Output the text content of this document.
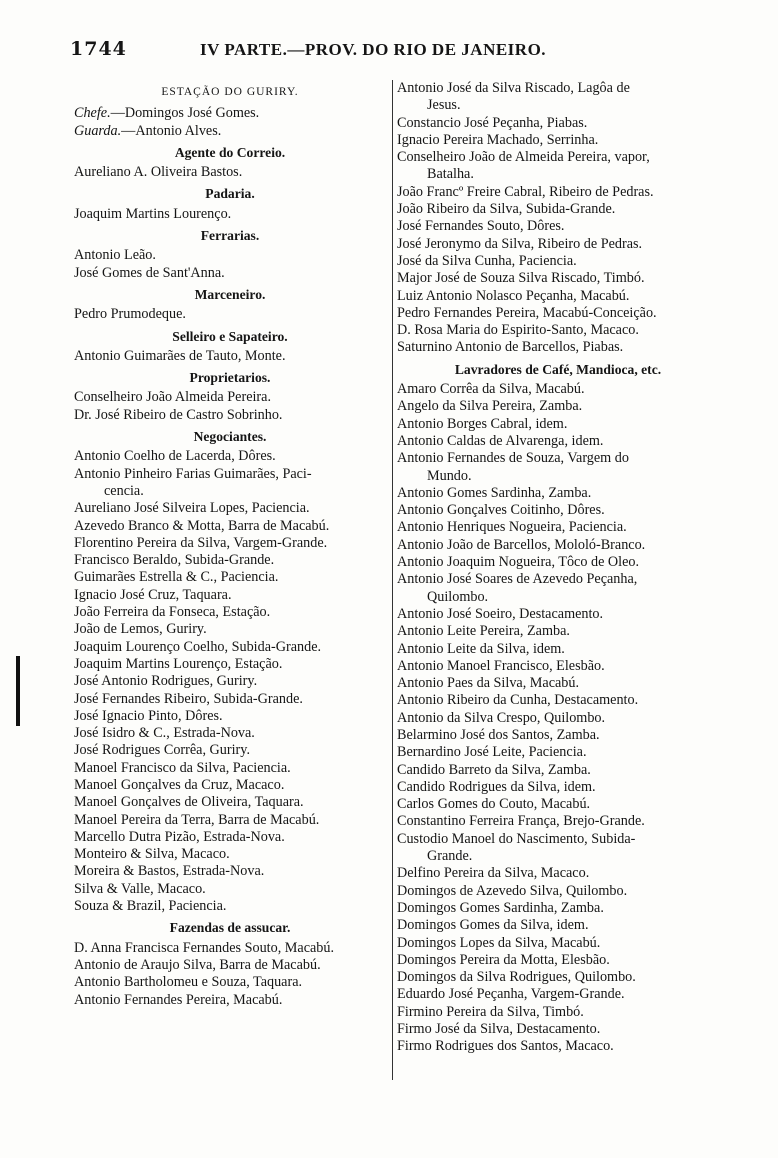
1744	IV PARTE.—PROV. DO RIO DE JANEIRO.
ESTAÇÃO DO GURIRY.
Chefe.—Domingos José Gomes.
Guarda.—Antonio Alves.
Agente do Correio.
Aureliano A. Oliveira Bastos.
Padaria.
Joaquim Martins Lourenço.
Ferrarias.
Antonio Leão.
José Gomes de Sant'Anna.
Marceneiro.
Pedro Prumodeque.
Selleiro e Sapateiro.
Antonio Guimarães de Tauto, Monte.
Proprietarios.
Conselheiro João Almeida Pereira.
Dr. José Ribeiro de Castro Sobrinho.
Negociantes.
Antonio Coelho de Lacerda, Dôres.
Antonio Pinheiro Farias Guimarães, Paci-
cencia.
Aureliano José Silveira Lopes, Paciencia.
Azevedo Branco & Motta, Barra de Macabú.
Florentino Pereira da Silva, Vargem-Grande.
Francisco Beraldo, Subida-Grande.
Guimarães Estrella & C., Paciencia.
Ignacio José Cruz, Taquara.
João Ferreira da Fonseca, Estação.
João de Lemos, Guriry.
Joaquim Lourenço Coelho, Subida-Grande.
Joaquim Martins Lourenço, Estação.
José Antonio Rodrigues, Guriry.
José Fernandes Ribeiro, Subida-Grande.
José Ignacio Pinto, Dôres.
José Isidro & C., Estrada-Nova.
José Rodrigues Corrêa, Guriry.
Manoel Francisco da Silva, Paciencia.
Manoel Gonçalves da Cruz, Macaco.
Manoel Gonçalves de Oliveira, Taquara.
Manoel Pereira da Terra, Barra de Macabú.
Marcello Dutra Pizão, Estrada-Nova.
Monteiro & Silva, Macaco.
Moreira & Bastos, Estrada-Nova.
Silva & Valle, Macaco.
Souza & Brazil, Paciencia.
Fazendas de assucar.
D. Anna Francisca Fernandes Souto, Macabú.
Antonio de Araujo Silva, Barra de Macabú.
Antonio Bartholomeu e Souza, Taquara.
Antonio Fernandes Pereira, Macabú.
Antonio José da Silva Riscado, Lagôa de
Jesus.
Constancio José Peçanha, Piabas.
Ignacio Pereira Machado, Serrinha.
Conselheiro João de Almeida Pereira, vapor,
Batalha.
João Francº Freire Cabral, Ribeiro de Pedras.
João Ribeiro da Silva, Subida-Grande.
José Fernandes Souto, Dôres.
José Jeronymo da Silva, Ribeiro de Pedras.
José da Silva Cunha, Paciencia.
Major José de Souza Silva Riscado, Timbó.
Luiz Antonio Nolasco Peçanha, Macabú.
Pedro Fernandes Pereira, Macabú-Conceição.
D. Rosa Maria do Espirito-Santo, Macaco.
Saturnino Antonio de Barcellos, Piabas.
Lavradores de Café, Mandioca, etc.
Amaro Corrêa da Silva, Macabú.
Angelo da Silva Pereira, Zamba.
Antonio Borges Cabral, idem.
Antonio Caldas de Alvarenga, idem.
Antonio Fernandes de Souza, Vargem do
Mundo.
Antonio Gomes Sardinha, Zamba.
Antonio Gonçalves Coitinho, Dôres.
Antonio Henriques Nogueira, Paciencia.
Antonio João de Barcellos, Mololó-Branco.
Antonio Joaquim Nogueira, Tôco de Oleo.
Antonio José Soares de Azevedo Peçanha,
Quilombo.
Antonio José Soeiro, Destacamento.
Antonio Leite Pereira, Zamba.
Antonio Leite da Silva, idem.
Antonio Manoel Francisco, Elesbão.
Antonio Paes da Silva, Macabú.
Antonio Ribeiro da Cunha, Destacamento.
Antonio da Silva Crespo, Quilombo.
Belarmino José dos Santos, Zamba.
Bernardino José Leite, Paciencia.
Candido Barreto da Silva, Zamba.
Candido Rodrigues da Silva, idem.
Carlos Gomes do Couto, Macabú.
Constantino Ferreira França, Brejo-Grande.
Custodio Manoel do Nascimento, Subida-
Grande.
Delfino Pereira da Silva, Macaco.
Domingos de Azevedo Silva, Quilombo.
Domingos Gomes Sardinha, Zamba.
Domingos Gomes da Silva, idem.
Domingos Lopes da Silva, Macabú.
Domingos Pereira da Motta, Elesbão.
Domingos da Silva Rodrigues, Quilombo.
Eduardo José Peçanha, Vargem-Grande.
Firmino Pereira da Silva, Timbó.
Firmo José da Silva, Destacamento.
Firmo Rodrigues dos Santos, Macaco.
